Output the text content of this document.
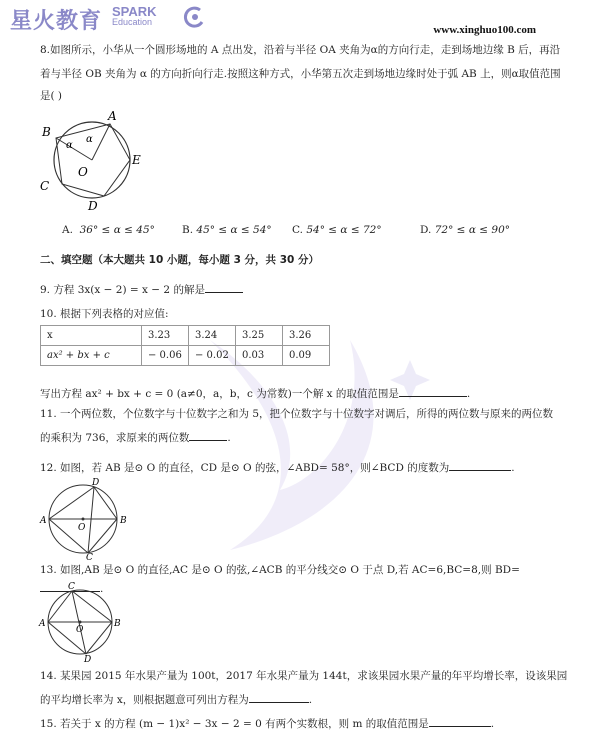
星火教育 SPARK
Education
www.xinghuo100.com
8.如图所示，小华从一个圆形场地的 A 点出发，沿着与半径 OA 夹角为α的方向行走，走到场地边缘 B 后，再沿
着与半径 OB 夹角为 α 的方向折向行走.按照这种方式，小华第五次走到场地边缘时处于弧 AB 上，则α取值范围
是( )
α
α
A
B
C
D
E
O
A. 36° ≤ α ≤ 45°	B. 45° ≤ α ≤ 54° C. 54° ≤ α ≤ 72°	D. 72° ≤ α ≤ 90°
二、填空题（本大题共 10 小题，每小题 3 分，共 30 分）
9. 方程 3x(x − 2) = x − 2 的解是
10. 根据下列表格的对应值:
x	3.23	3.24	3.25	3.26
ax² + bx + c	− 0.06	− 0.02	0.03	0.09
写出方程 ax² + bx + c = 0 (a≠0，a，b，c 为常数)一个解 x 的取值范围是	.
11. 一个两位数，个位数字与十位数字之和为 5，把个位数字与十位数字对调后，所得的两位数与原来的两位数
的乘积为 736，求原来的两位数	.
12. 如图，若 AB 是⊙ O 的直径，CD 是⊙ O 的弦，∠ABD= 58°，则∠BCD 的度数为	.
A	B
C
D
O
13. 如图,AB 是⊙ O 的直径,AC 是⊙ O 的弦,∠ACB 的平分线交⊙ O 于点 D,若 AC=6,BC=8,则 BD=.
A	B
C
D
O
14. 某果园 2015 年水果产量为 100t，2017 年水果产量为 144t，求该果园水果产量的年平均增长率，设该果园
的平均增长率为 x，则根据题意可列出方程为	.
15. 若关于 x 的方程 (m − 1)x² − 3x − 2 = 0 有两个实数根，则 m 的取值范围是	.
